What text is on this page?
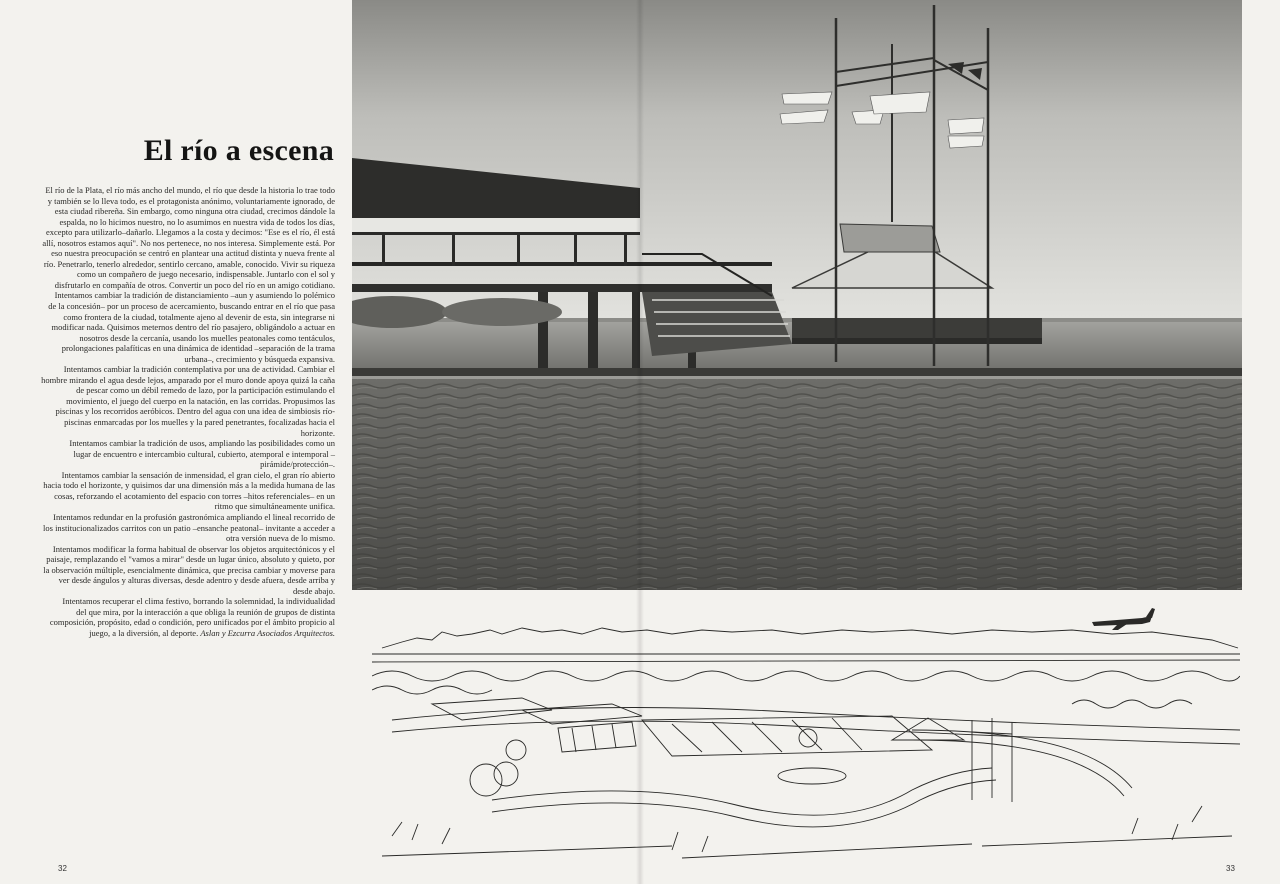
El río a escena

El río de la Plata, el río más ancho del mundo, el río que desde la historia lo trae todo y también se lo lleva todo, es el protagonista anónimo, voluntariamente ignorado, de esta ciudad ribereña. Sin embargo, como ninguna otra ciudad, crecimos dándole la espalda, no lo hicimos nuestro, no lo asumimos en nuestra vida de todos los días, excepto para utilizarlo–dañarlo. Llegamos a la costa y decimos: "Ese es el río, él está allí, nosotros estamos aquí". No nos pertenece, no nos interesa. Simplemente está. Por eso nuestra preocupación se centró en plantear una actitud distinta y nueva frente al río. Penetrarlo, tenerlo alrededor, sentirlo cercano, amable, conocido. Vivir su riqueza como un compañero de juego necesario, indispensable. Juntarlo con el sol y disfrutarlo en compañía de otros. Convertir un poco del río en un amigo cotidiano.

Intentamos cambiar la tradición de distanciamiento –aun y asumiendo lo polémico de la concesión– por un proceso de acercamiento, buscando entrar en el río que pasa como frontera de la ciudad, totalmente ajeno al devenir de esta, sin integrarse ni modificar nada. Quisimos meternos dentro del río pasajero, obligándolo a actuar en nosotros desde la cercanía, usando los muelles peatonales como tentáculos, prolongaciones palafíticas en una dinámica de identidad –separación de la trama urbana–, crecimiento y búsqueda expansiva.

Intentamos cambiar la tradición contemplativa por una de actividad. Cambiar el hombre mirando el agua desde lejos, amparado por el muro donde apoya quizá la caña de pescar como un débil remedo de lazo, por la participación estimulando el movimiento, el juego del cuerpo en la natación, en las corridas. Propusimos las piscinas y los recorridos aeróbicos. Dentro del agua con una idea de simbiosis río-piscinas enmarcadas por los muelles y la pared penetrantes, focalizadas hacia el horizonte.

Intentamos cambiar la tradición de usos, ampliando las posibilidades como un lugar de encuentro e intercambio cultural, cubierto, atemporal e intemporal –pirámide/protección–.

Intentamos cambiar la sensación de inmensidad, el gran cielo, el gran río abierto hacia todo el horizonte, y quisimos dar una dimensión más a la medida humana de las cosas, reforzando el acotamiento del espacio con torres –hitos referenciales– en un ritmo que simultáneamente unifica.

Intentamos redundar en la profusión gastronómica ampliando el lineal recorrido de los institucionalizados carritos con un patio –ensanche peatonal– invitante a acceder a otra versión nueva de lo mismo.

Intentamos modificar la forma habitual de observar los objetos arquitectónicos y el paisaje, remplazando el "vamos a mirar" desde un lugar único, absoluto y quieto, por la observación múltiple, esencialmente dinámica, que precisa cambiar y moverse para ver desde ángulos y alturas diversas, desde adentro y desde afuera, desde arriba y desde abajo.

Intentamos recuperar el clima festivo, borrando la solemnidad, la individualidad del que mira, por la interacción a que obliga la reunión de grupos de distinta composición, propósito, edad o condición, pero unificados por el ámbito propicio al juego, a la diversión, al deporte. Aslan y Ezcurra Asociados Arquitectos.

32	33
